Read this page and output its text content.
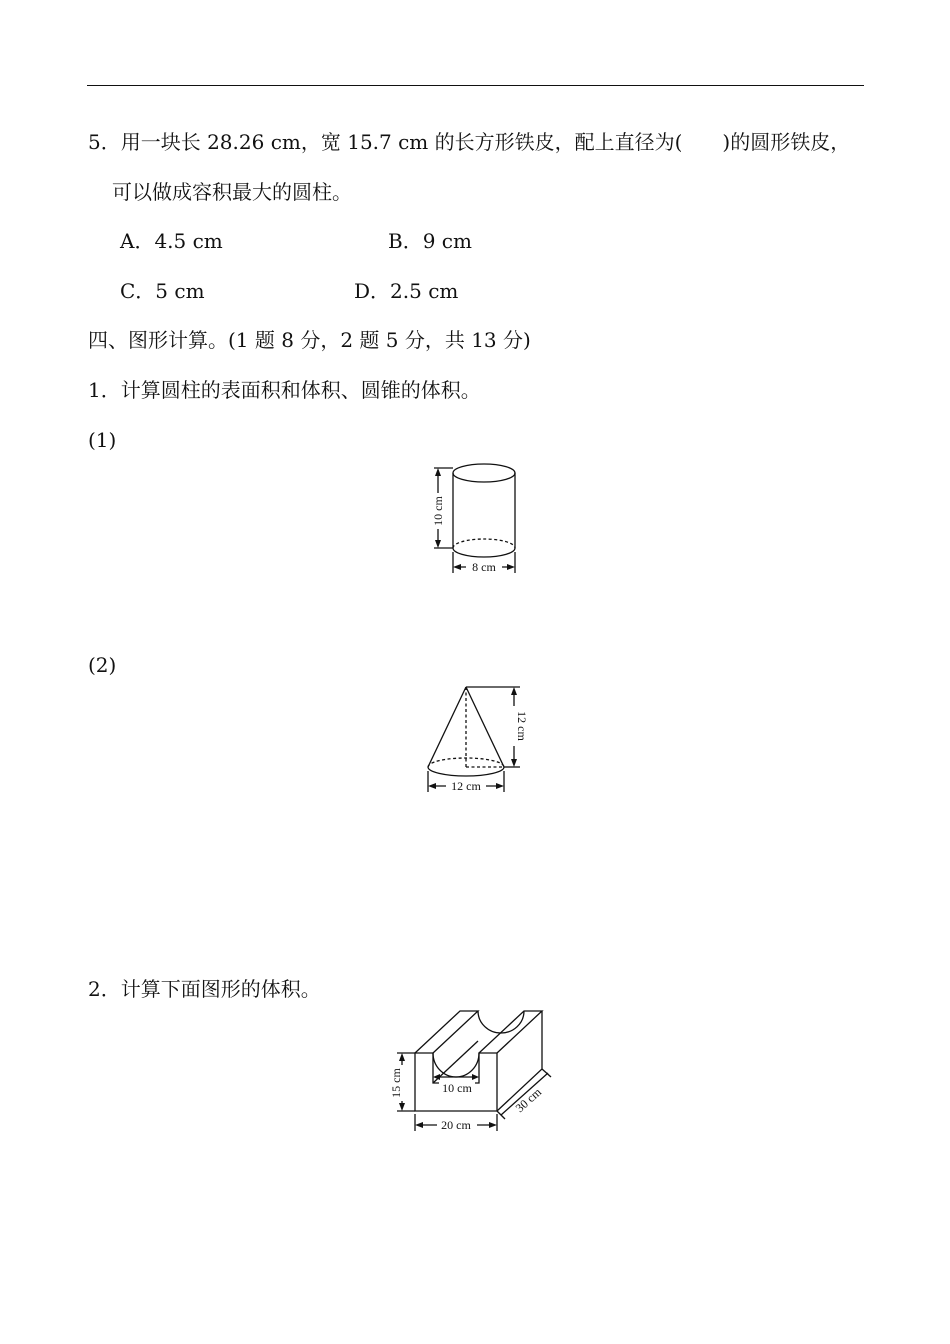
5．用一块长 28.26 cm，宽 15.7 cm 的长方形铁皮，配上直径为(　　)的圆形铁皮，
可以做成容积最大的圆柱。
A．4.5 cm	B．9 cm
C．5 cm	D．2.5 cm
四、图形计算。(1 题 8 分，2 题 5 分，共 13 分)
1．计算圆柱的表面积和体积、圆锥的体积。
(1)
10 cm
8 cm
(2)
12 cm
12 cm
2．计算下面图形的体积。
15 cm
20 cm
10 cm	30 cm
